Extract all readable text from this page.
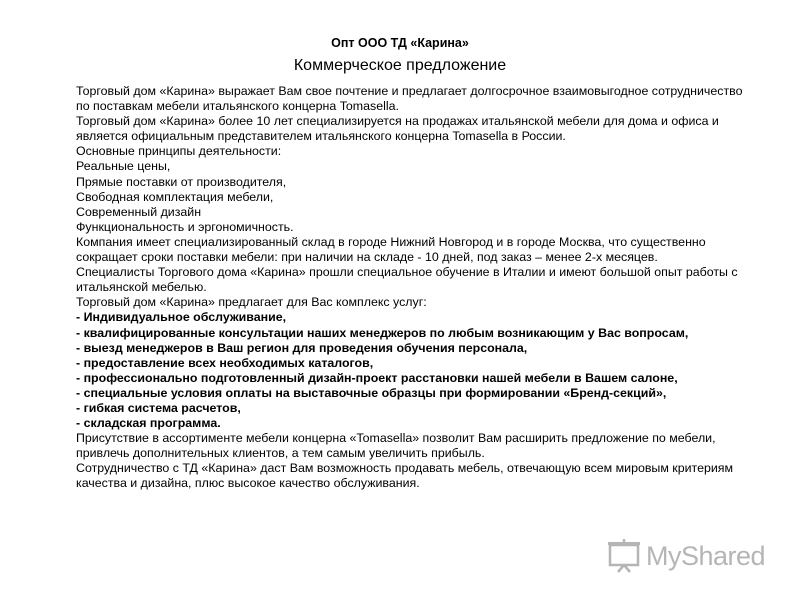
Опт ООО ТД «Карина»
Коммерческое предложение

Торговый дом «Карина» выражает Вам свое почтение и предлагает долгосрочное взаимовыгодное сотрудничество по поставкам мебели итальянского концерна Tomasella.

Торговый дом «Карина» более 10 лет специализируется на продажах итальянской мебели для дома и офиса и является официальным представителем итальянского концерна Tomasella в России.

Основные принципы деятельности:

Реальные цены,

Прямые поставки от производителя,

Свободная комплектация мебели,

Современный дизайн

Функциональность и эргономичность.

Компания имеет специализированный склад в городе Нижний Новгород и в городе Москва, что существенно сокращает сроки поставки мебели: при наличии на складе - 10 дней, под заказ – менее 2-х месяцев.

Специалисты Торгового дома «Карина» прошли специальное обучение в Италии и имеют большой опыт работы с итальянской мебелью.

Торговый дом «Карина» предлагает для Вас комплекс услуг:

- Индивидуальное обслуживание,

- квалифицированные консультации наших менеджеров по любым возникающим у Вас вопросам,

- выезд менеджеров в Ваш регион для проведения обучения персонала,

- предоставление всех необходимых каталогов,

- профессионально подготовленный дизайн-проект расстановки нашей мебели в Вашем салоне,

- специальные условия оплаты на выставочные образцы при формировании «Бренд-секций»,

- гибкая система расчетов,

- складская программа.

Присутствие в ассортименте мебели концерна «Tomasella» позволит Вам расширить предложение по мебели, привлечь дополнительных клиентов, а тем самым увеличить прибыль.

Сотрудничество с ТД «Карина» даст Вам возможность продавать мебель, отвечающую всем мировым критериям качества и дизайна, плюс высокое качество обслуживания.

MyShared
